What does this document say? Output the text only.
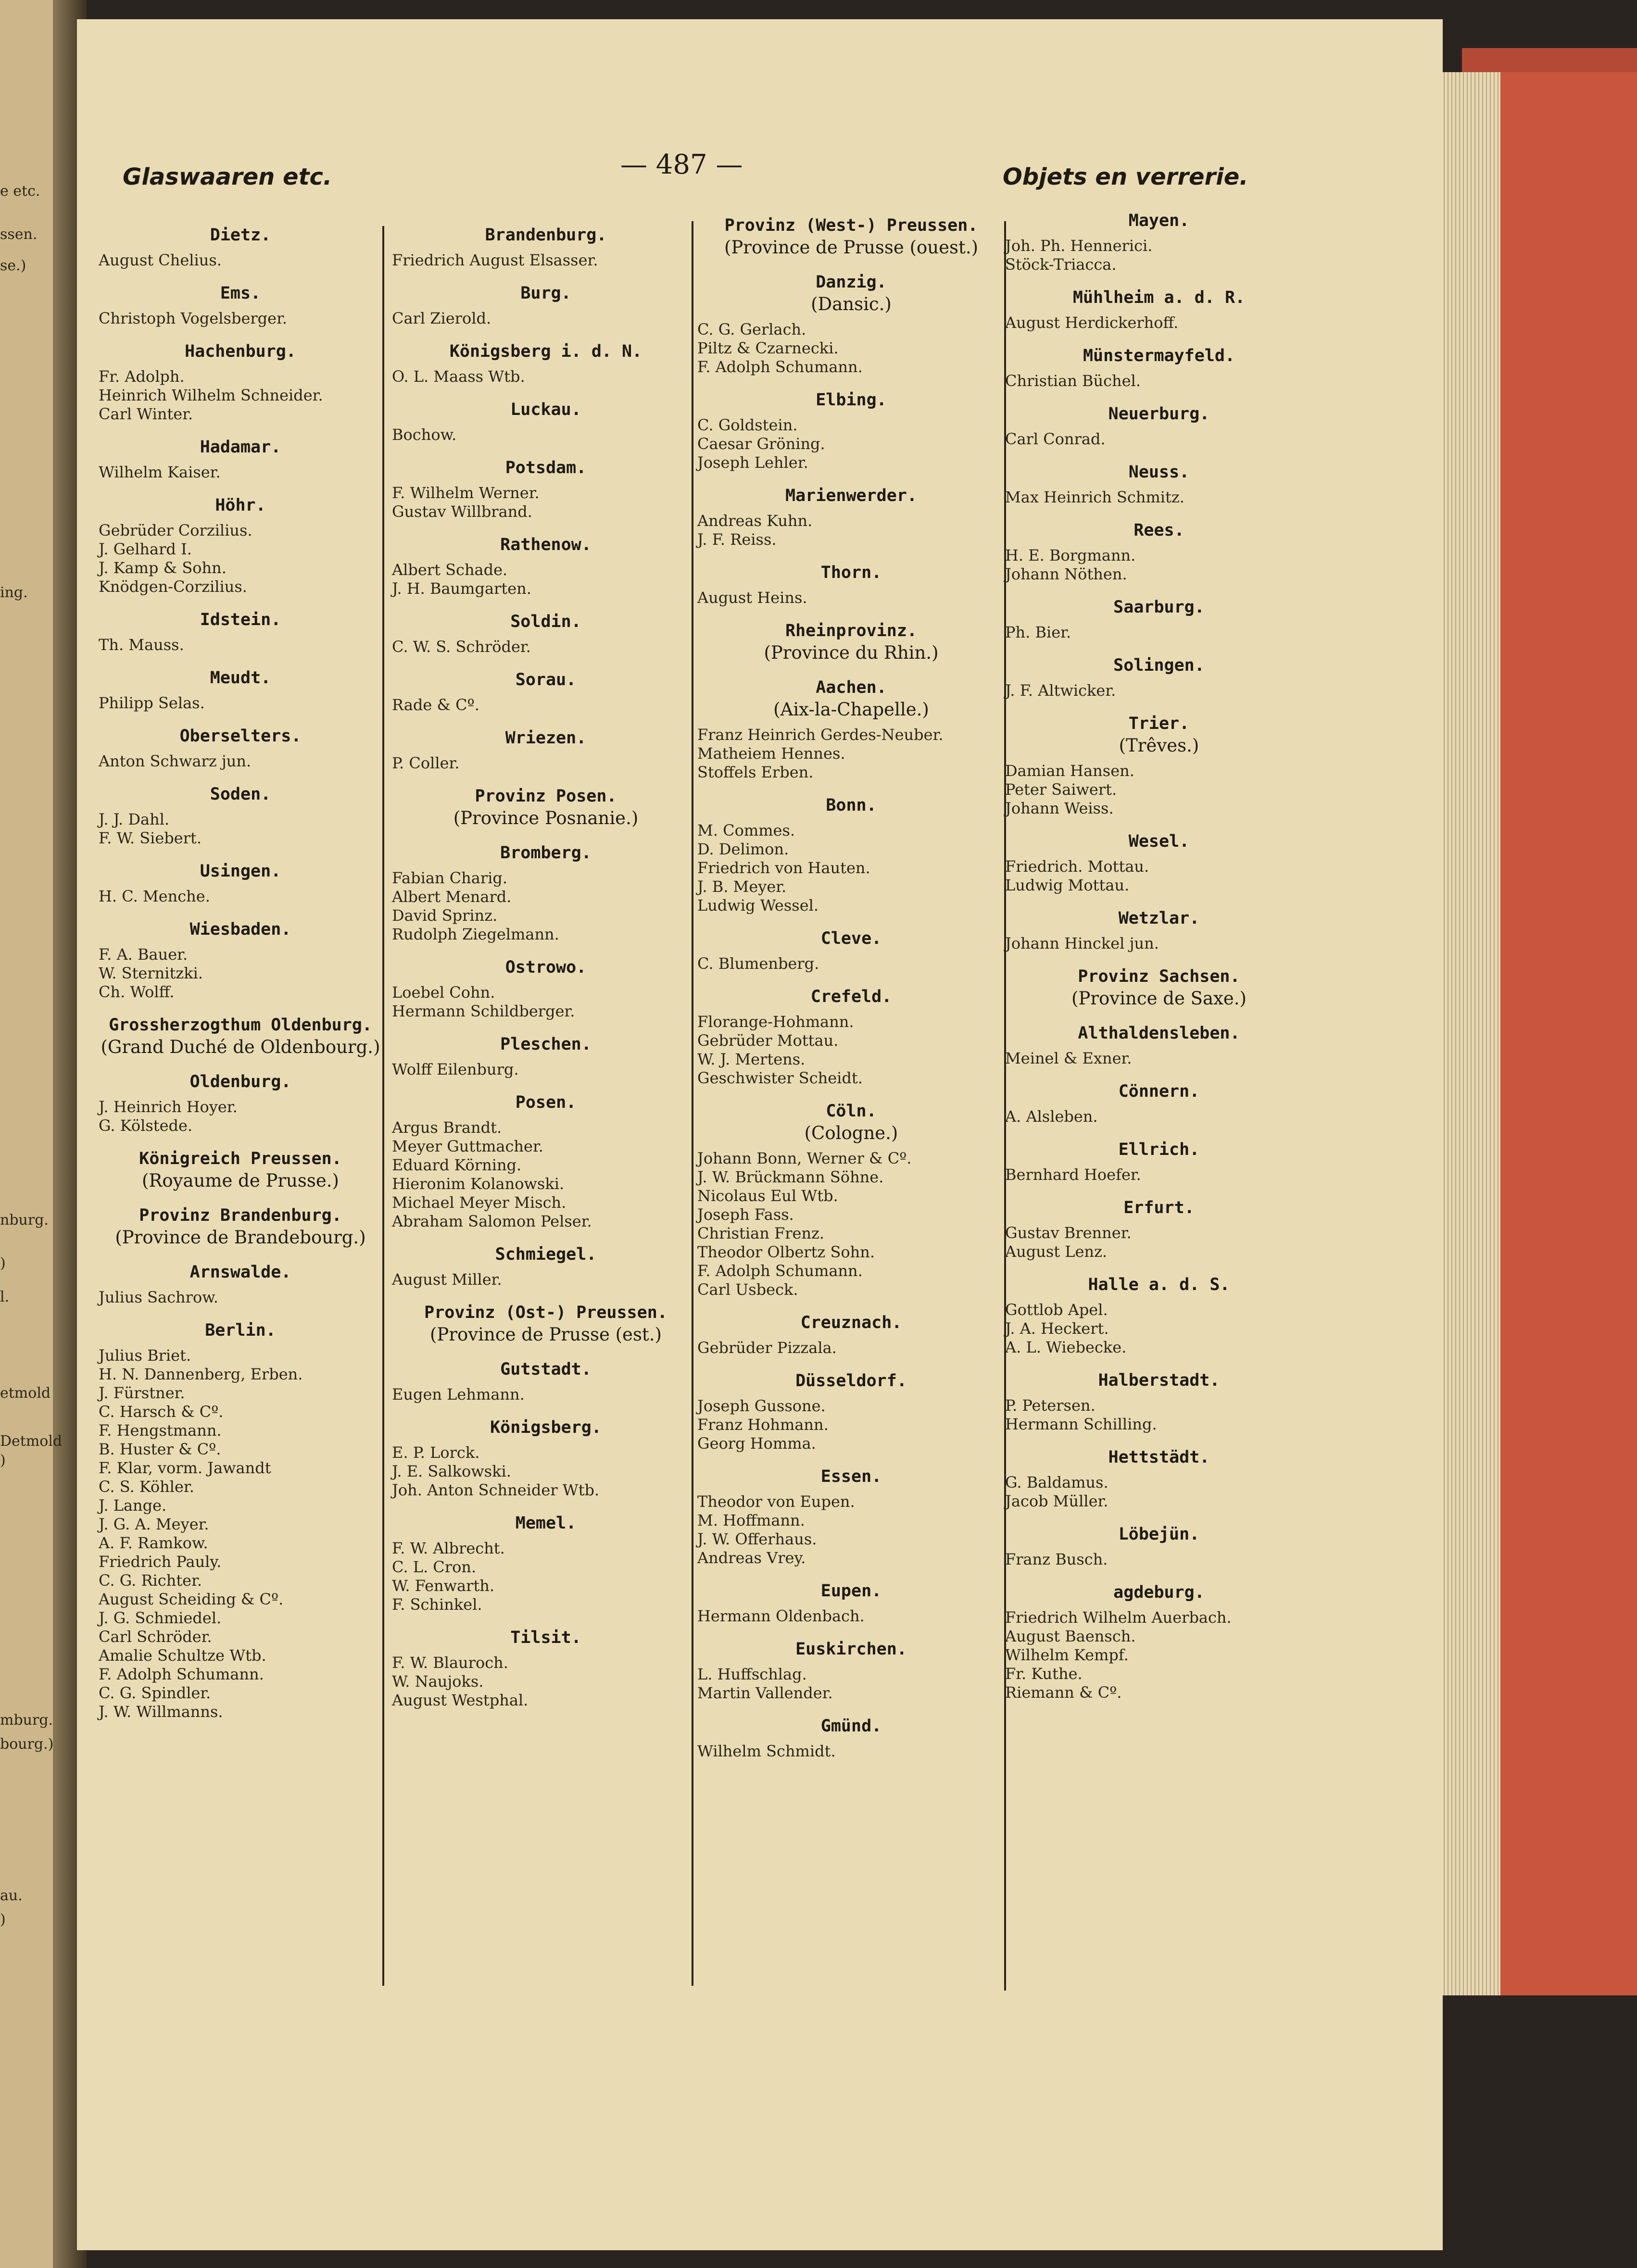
e etc.
ssen.
se.)
ing.
nburg.
)
l.
etmold
Detmold
)
mburg.
bourg.)
au.
)
Glaswaaren etc.	— 487 —	Objets en verrerie.
Dietz.
August Chelius.
Ems.
Christoph Vogelsberger.
Hachenburg.
Fr. Adolph.
Heinrich Wilhelm Schneider.
Carl Winter.
Hadamar.
Wilhelm Kaiser.
Höhr.
Gebrüder Corzilius.
J. Gelhard I.
J. Kamp & Sohn.
Knödgen-Corzilius.
Idstein.
Th. Mauss.
Meudt.
Philipp Selas.
Oberselters.
Anton Schwarz jun.
Soden.
J. J. Dahl.
F. W. Siebert.
Usingen.
H. C. Menche.
Wiesbaden.
F. A. Bauer.
W. Sternitzki.
Ch. Wolff.
Grossherzogthum Oldenburg.
(Grand Duché de Oldenbourg.)
Oldenburg.
J. Heinrich Hoyer.
G. Kölstede.
Königreich Preussen.
(Royaume de Prusse.)
Provinz Brandenburg.
(Province de Brandebourg.)
Arnswalde.
Julius Sachrow.
Berlin.
Julius Briet.
H. N. Dannenberg, Erben.
J. Fürstner.
C. Harsch & Cº.
F. Hengstmann.
B. Huster & Cº.
F. Klar, vorm. Jawandt
C. S. Köhler.
J. Lange.
J. G. A. Meyer.
A. F. Ramkow.
Friedrich Pauly.
C. G. Richter.
August Scheiding & Cº.
J. G. Schmiedel.
Carl Schröder.
Amalie Schultze Wtb.
F. Adolph Schumann.
C. G. Spindler.
J. W. Willmanns.
Brandenburg.
Friedrich August Elsasser.
Burg.
Carl Zierold.
Königsberg i. d. N.
O. L. Maass Wtb.
Luckau.
Bochow.
Potsdam.
F. Wilhelm Werner.
Gustav Willbrand.
Rathenow.
Albert Schade.
J. H. Baumgarten.
Soldin.
C. W. S. Schröder.
Sorau.
Rade & Cº.
Wriezen.
P. Coller.
Provinz Posen.
(Province Posnanie.)
Bromberg.
Fabian Charig.
Albert Menard.
David Sprinz.
Rudolph Ziegelmann.
Ostrowo.
Loebel Cohn.
Hermann Schildberger.
Pleschen.
Wolff Eilenburg.
Posen.
Argus Brandt.
Meyer Guttmacher.
Eduard Körning.
Hieronim Kolanowski.
Michael Meyer Misch.
Abraham Salomon Pelser.
Schmiegel.
August Miller.
Provinz (Ost-) Preussen.
(Province de Prusse (est.)
Gutstadt.
Eugen Lehmann.
Königsberg.
E. P. Lorck.
J. E. Salkowski.
Joh. Anton Schneider Wtb.
Memel.
F. W. Albrecht.
C. L. Cron.
W. Fenwarth.
F. Schinkel.
Tilsit.
F. W. Blauroch.
W. Naujoks.
August Westphal.
Provinz (West-) Preussen.
(Province de Prusse (ouest.)
Danzig.
(Dansic.)
C. G. Gerlach.
Piltz & Czarnecki.
F. Adolph Schumann.
Elbing.
C. Goldstein.
Caesar Gröning.
Joseph Lehler.
Marienwerder.
Andreas Kuhn.
J. F. Reiss.
Thorn.
August Heins.
Rheinprovinz.
(Province du Rhin.)
Aachen.
(Aix-la-Chapelle.)
Franz Heinrich Gerdes-Neuber.
Matheiem Hennes.
Stoffels Erben.
Bonn.
M. Commes.
D. Delimon.
Friedrich von Hauten.
J. B. Meyer.
Ludwig Wessel.
Cleve.
C. Blumenberg.
Crefeld.
Florange-Hohmann.
Gebrüder Mottau.
W. J. Mertens.
Geschwister Scheidt.
Cöln.
(Cologne.)
Johann Bonn, Werner & Cº.
J. W. Brückmann Söhne.
Nicolaus Eul Wtb.
Joseph Fass.
Christian Frenz.
Theodor Olbertz Sohn.
F. Adolph Schumann.
Carl Usbeck.
Creuznach.
Gebrüder Pizzala.
Düsseldorf.
Joseph Gussone.
Franz Hohmann.
Georg Homma.
Essen.
Theodor von Eupen.
M. Hoffmann.
J. W. Offerhaus.
Andreas Vrey.
Eupen.
Hermann Oldenbach.
Euskirchen.
L. Huffschlag.
Martin Vallender.
Gmünd.
Wilhelm Schmidt.
Mayen.
Joh. Ph. Hennerici.
Stöck-Triacca.
Mühlheim a. d. R.
August Herdickerhoff.
Münstermayfeld.
Christian Büchel.
Neuerburg.
Carl Conrad.
Neuss.
Max Heinrich Schmitz.
Rees.
H. E. Borgmann.
Johann Nöthen.
Saarburg.
Ph. Bier.
Solingen.
J. F. Altwicker.
Trier.
(Trêves.)
Damian Hansen.
Peter Saiwert.
Johann Weiss.
Wesel.
Friedrich. Mottau.
Ludwig Mottau.
Wetzlar.
Johann Hinckel jun.
Provinz Sachsen.
(Province de Saxe.)
Althaldensleben.
Meinel & Exner.
Cönnern.
A. Alsleben.
Ellrich.
Bernhard Hoefer.
Erfurt.
Gustav Brenner.
August Lenz.
Halle a. d. S.
Gottlob Apel.
J. A. Heckert.
A. L. Wiebecke.
Halberstadt.
P. Petersen.
Hermann Schilling.
Hettstädt.
G. Baldamus.
Jacob Müller.
Löbejün.
Franz Busch.
agdeburg.
Friedrich Wilhelm Auerbach.
August Baensch.
Wilhelm Kempf.
Fr. Kuthe.
Riemann & Cº.
